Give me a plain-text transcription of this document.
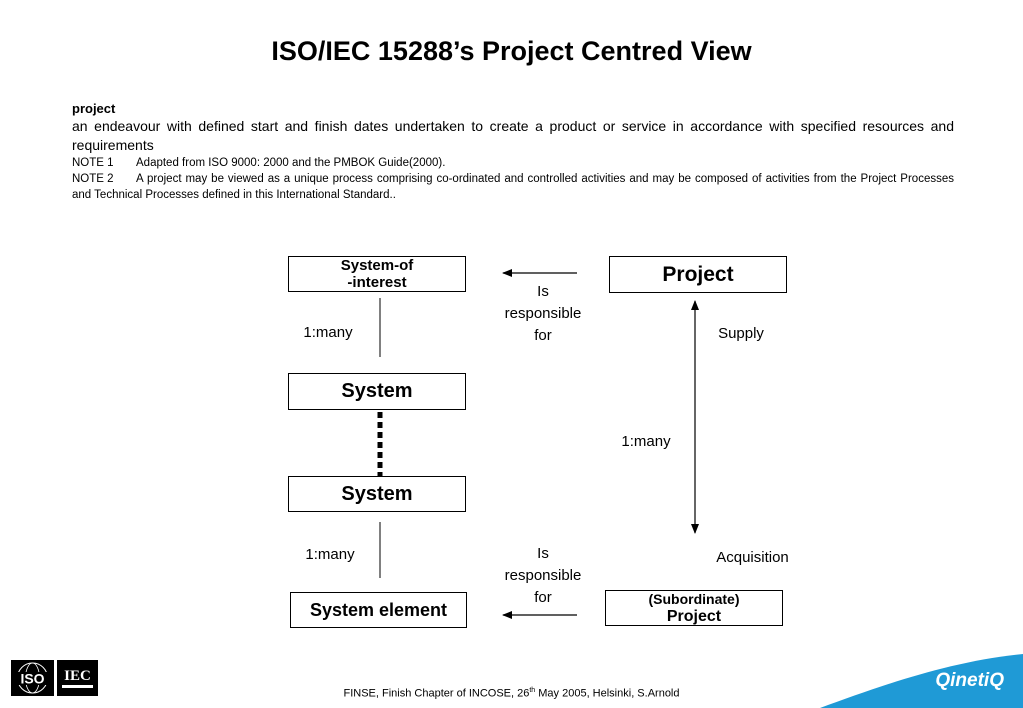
ISO/IEC 15288’s Project Centred View
project
an endeavour with defined start and finish dates undertaken to create a product or service in accordance with specified resources and requirements
NOTE 1 Adapted from ISO 9000: 2000 and the PMBOK Guide(2000).
NOTE 2 A project may be viewed as a unique process comprising co-ordinated and controlled activities and may be composed of activities from the Project Processes and Technical Processes defined in this International Standard..
System-of
-interest
System
System
System element
Project
(Subordinate)
Project
1:many
1:many
1:many
Supply
Acquisition
Is
responsible
for
Is
responsible
for
ISO IEC
FINSE, Finish Chapter of INCOSE, 26th May 2005, Helsinki, S.Arnold
QinetiQ
